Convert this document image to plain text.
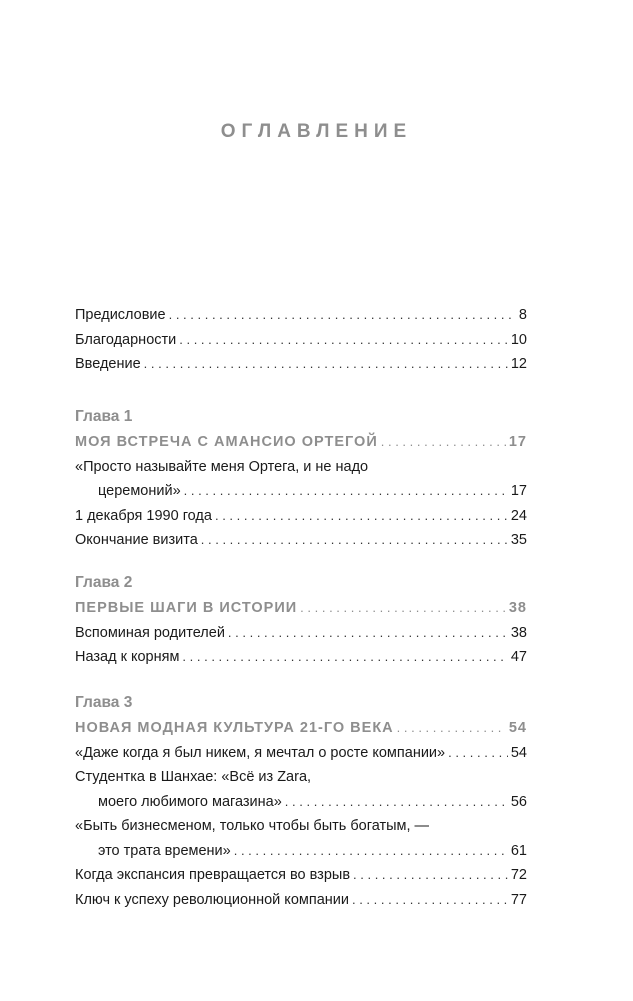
ОГЛАВЛЕНИЕ
Предисловие . . .	8
Благодарности . . .	10
Введение . . .	12
Глава 1
МОЯ ВСТРЕЧА С АМАНСИО ОРТЕГОЙ . . .	17
«Просто называйте меня Ортега, и не надо
церемоний» . . .	17
1 декабря 1990 года . . .	24
Окончание визита . . .	35
Глава 2
ПЕРВЫЕ ШАГИ В ИСТОРИИ . . .	38
Вспоминая родителей . . .	38
Назад к корням . . .	47
Глава 3
НОВАЯ МОДНАЯ КУЛЬТУРА 21-ГО ВЕКА . . .	54
«Даже когда я был никем, я мечтал о росте компании» . . .	54
Студентка в Шанхае: «Всё из Zara,
моего любимого магазина» . . .	56
«Быть бизнесменом, только чтобы быть богатым, —
это трата времени» . . .	61
Когда экспансия превращается во взрыв . . .	72
Ключ к успеху революционной компании . . .	77
